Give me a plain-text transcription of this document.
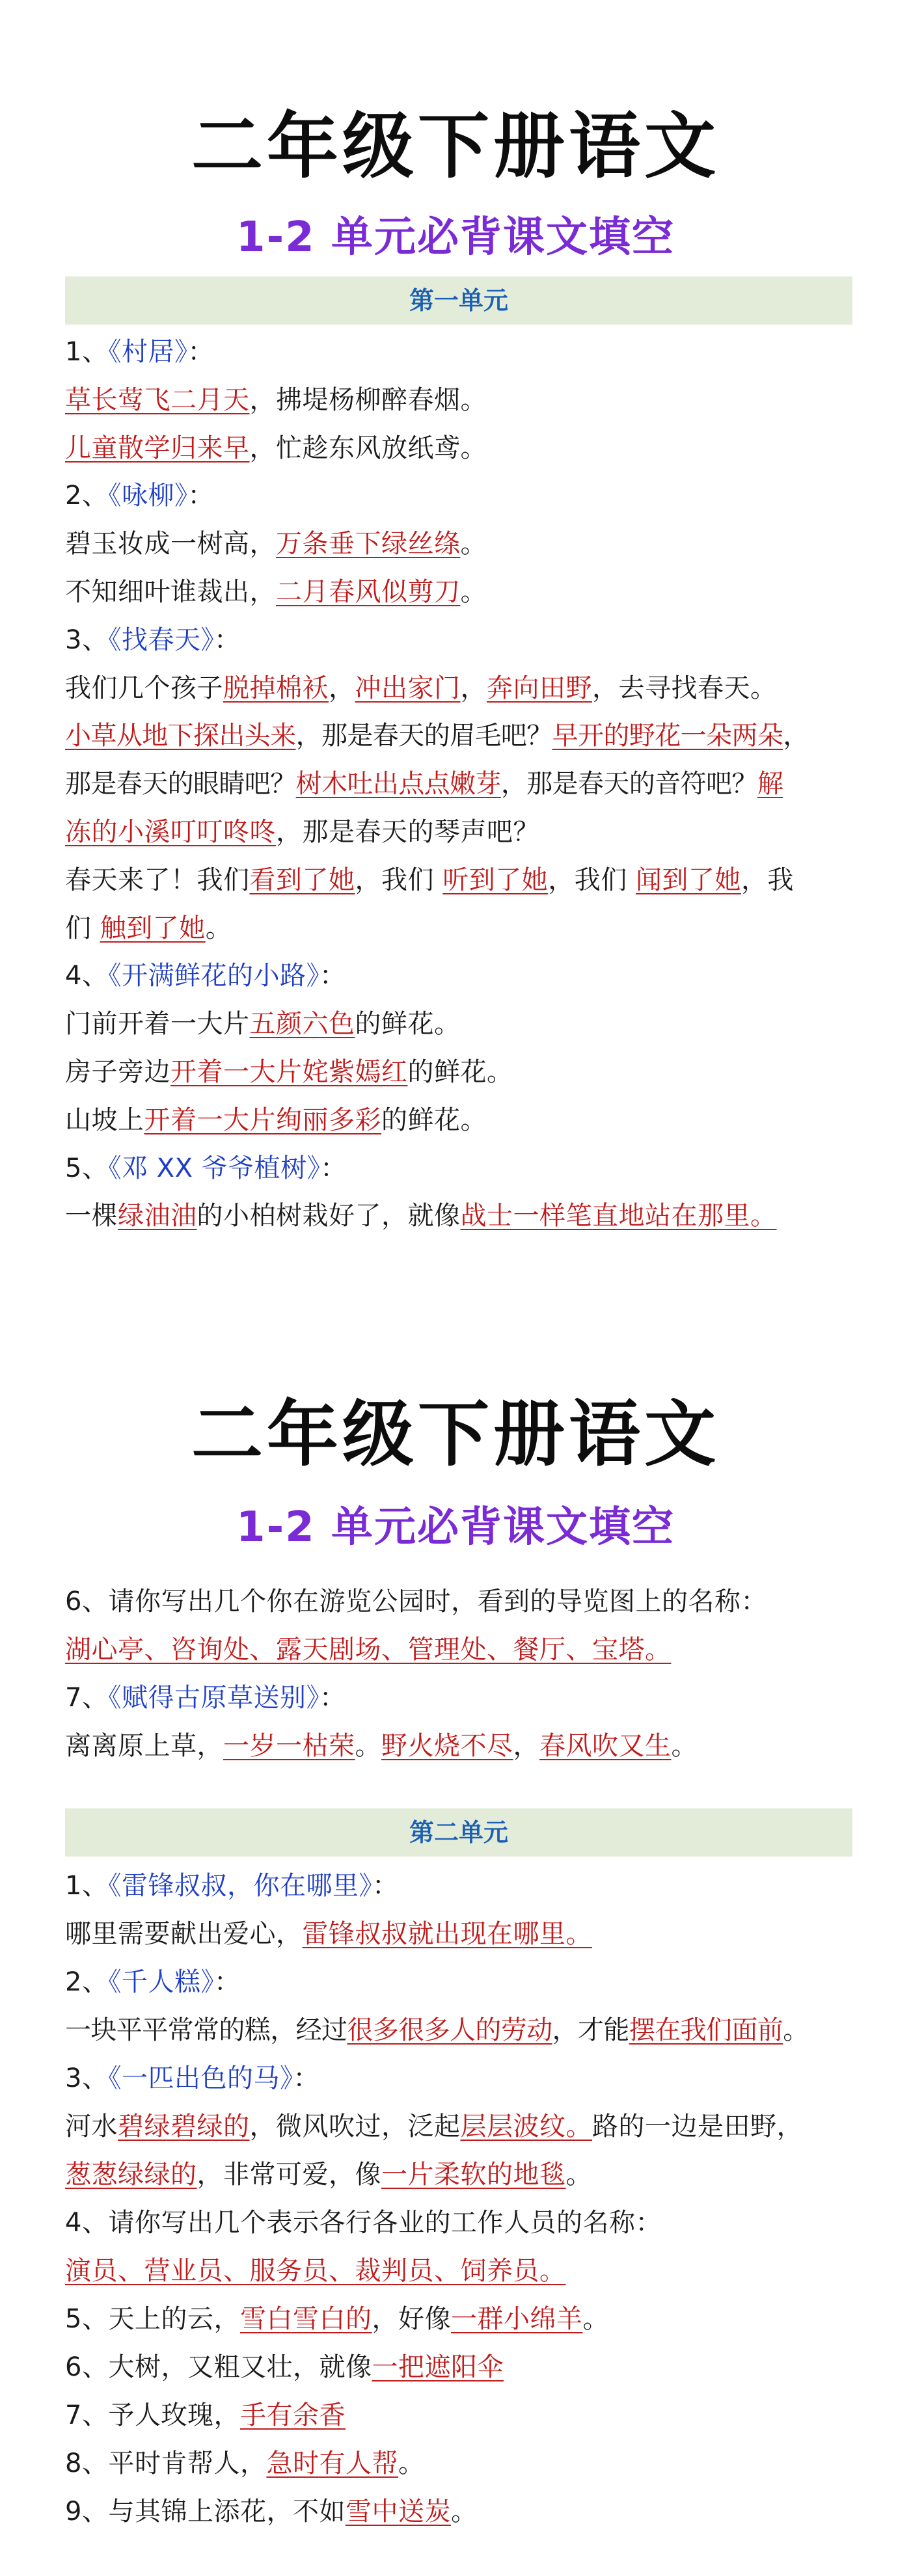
二年级下册语文
1-2 单元必背课文填空
第一单元
1、《村居》：
草长莺飞二月天，拂堤杨柳醉春烟。
儿童散学归来早，忙趁东风放纸鸢。
2、《咏柳》：
碧玉妆成一树高，万条垂下绿丝绦。
不知细叶谁裁出，二月春风似剪刀。
3、《找春天》：
我们几个孩子脱掉棉袄，冲出家门，奔向田野，去寻找春天。
小草从地下探出头来，那是春天的眉毛吧？早开的野花一朵两朵，
那是春天的眼睛吧？树木吐出点点嫩芽，那是春天的音符吧？解
冻的小溪叮叮咚咚，那是春天的琴声吧？
春天来了！我们看到了她，我们 听到了她，我们 闻到了她，我
们 触到了她。
4、《开满鲜花的小路》：
门前开着一大片五颜六色的鲜花。
房子旁边开着一大片姹紫嫣红的鲜花。
山坡上开着一大片绚丽多彩的鲜花。
5、《邓 XX 爷爷植树》：
一棵绿油油的小柏树栽好了，就像战士一样笔直地站在那里。
二年级下册语文
1-2 单元必背课文填空
6、请你写出几个你在游览公园时，看到的导览图上的名称：
湖心亭、咨询处、露天剧场、管理处、餐厅、宝塔。
7、《赋得古原草送别》：
离离原上草，一岁一枯荣。野火烧不尽，春风吹又生。
第二单元
1、《雷锋叔叔，你在哪里》：
哪里需要献出爱心，雷锋叔叔就出现在哪里。
2、《千人糕》：
一块平平常常的糕，经过很多很多人的劳动，才能摆在我们面前。
3、《一匹出色的马》：
河水碧绿碧绿的，微风吹过，泛起层层波纹。路的一边是田野，
葱葱绿绿的，非常可爱，像一片柔软的地毯。
4、请你写出几个表示各行各业的工作人员的名称：
演员、营业员、服务员、裁判员、饲养员。
5、天上的云，雪白雪白的，好像一群小绵羊。
6、大树，又粗又壮，就像一把遮阳伞
7、予人玫瑰，手有余香
8、平时肯帮人，急时有人帮。
9、与其锦上添花，不如雪中送炭。
